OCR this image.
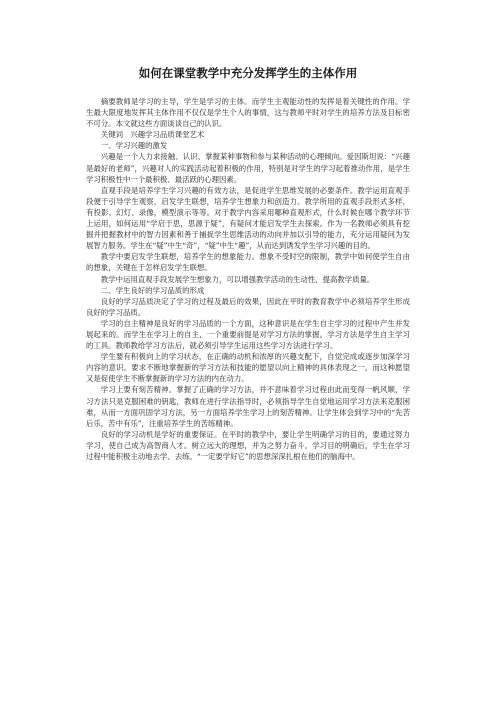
如何在课堂教学中充分发挥学生的主体作用

摘要教师是学习的主导，学生是学习的主体。而学生主观能动性的发挥是着关键性的作用。学生最大限度地发挥其主体作用不仅仅是学生个人的事情，这与教师平时对学生的培养方法及目标密不可分。本文就这些方面谈谈自己的认识。

关键词　兴趣学习品质课堂艺术

一、学习兴趣的激发

兴趣是一个人力求接触、认识、掌握某种事物和参与某种活动的心理倾向。爱因斯坦说：“兴趣是最好的老师”，兴趣对人的实践活动起着积极的作用，特别是对学生的学习起着推动作用，是学生学习积极性中一个最积极、最活跃的心理因素。

直观手段是培养学生学习兴趣的有效方法，是促进学生思维发展的必要条件。教学运用直观手段便于引导学生观察，启发学生联想，培养学生想象力和创造力。教学所用的直观手段形式多样，有投影、幻灯、录像，模型演示等等。对于教学内容采用哪种直观形式，什么时候在哪个教学环节上运用，如何运用“学启于思，思源于疑”，有疑问才能启发学生去探索。作为一名教师必须具有挖掘并把握教材中的智力因素和善于捕捉学生思维活动的动向并加以引导的能力，充分运用疑问为发展智力服务。学生在“疑”中生“奇”，“疑”中生“趣”，从而达到诱发学生学习兴趣的目的。

教学中要启发学生联想，培养学生的想象能力。想象不受时空的限制，教学中如何使学生自由的想象，关键在于怎样启发学生联想。

教学中运用直观手段发展学生想象力，可以增强教学活动的生动性，提高教学质量。

二、学生良好的学习品质的形成

良好的学习品质决定了学习的过程及最后的效果，因此在平时的教育教学中必须培养学生形成良好的学习品质。

学习的自主精神是良好的学习品质的一个方面，这种意识是在学生自主学习的过程中产生并发展起来的。而学生在学习上的自主，一个重要前提是对学习方法的掌握。学习方法是学生自主学习的工具。教师教给学习方法后，就必须引导学生运用这些学习方法进行学习。

学生要有积极向上的学习状态，在正确的动机和浓厚的兴趣支配下，自觉完成或逐步加深学习内容的意识。要求不断地掌握新的学习方法和技能的愿望以向上精神的具体表现之一，而这种愿望又是促使学生不断掌握新的学习方法的内在动力。

学习上要有刻苦精神。掌握了正确的学习方法，并不意味着学习过程由此而变得一帆风顺，学习方法只是克服困难的钥匙，教师在进行学法指导时，必须指导学生自觉地运用学习方法来克服困难，从而一方面巩固学习方法，另一方面培养学生学习上的刻苦精神。让学生体会到学习中的“先苦后乐，苦中有乐”，注重培养学生的苦练精神。

良好的学习动机是学好的重要保证。在平时的教学中，要让学生明确学习的目的，要通过努力学习，使自己成为高智商人才。树立远大的理想，并为之努力奋斗。学习目的明确后，学生在学习过程中能积极主动地去学、去练。“一定要学好它”的思想深深扎根在他们的脑海中。
